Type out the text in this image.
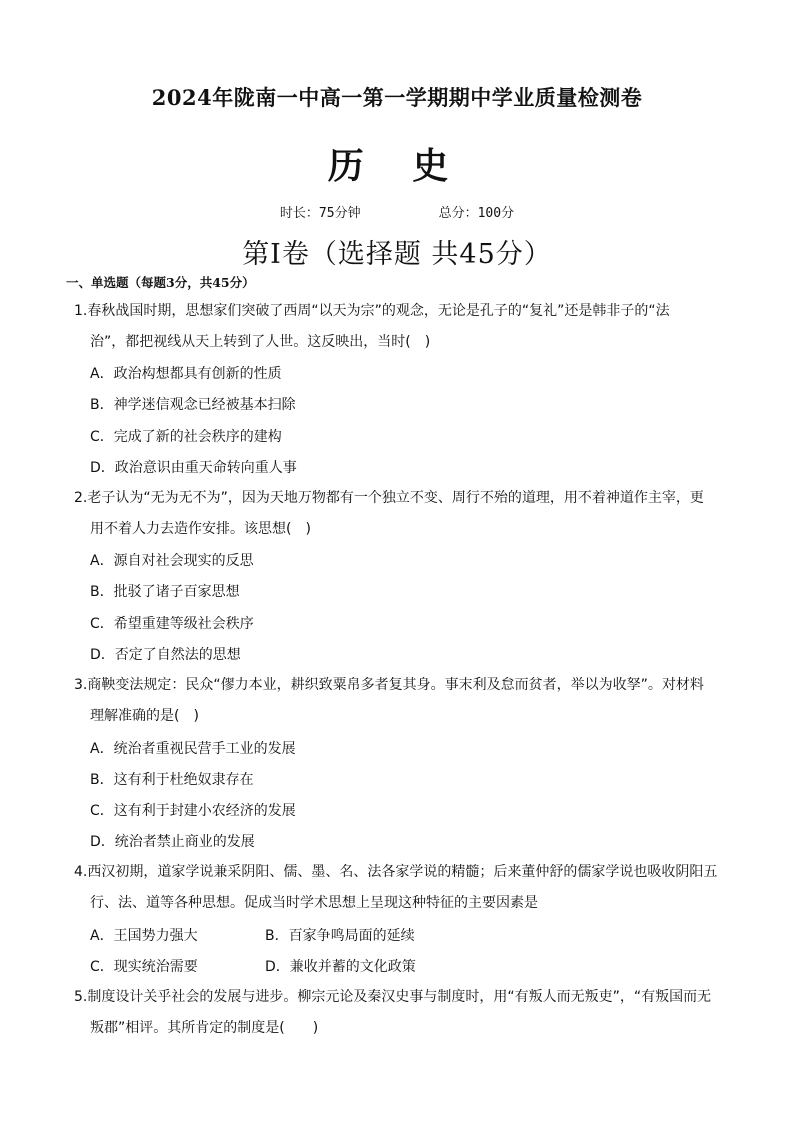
2024年陇南一中高一第一学期期中学业质量检测卷
历 史
时长：75分钟	总分：100分
第Ⅰ卷（选择题 共45分）
一、单选题（每题3分，共45分）
1.春秋战国时期，思想家们突破了西周“以天为宗”的观念，无论是孔子的“复礼”还是韩非子的“法
治”，都把视线从天上转到了人世。这反映出，当时(　)
A．政治构想都具有创新的性质
B．神学迷信观念已经被基本扫除
C．完成了新的社会秩序的建构
D．政治意识由重天命转向重人事
2.老子认为“无为无不为”，因为天地万物都有一个独立不变、周行不殆的道理，用不着神道作主宰，更
用不着人力去造作安排。该思想(　)
A．源自对社会现实的反思
B．批驳了诸子百家思想
C．希望重建等级社会秩序
D．否定了自然法的思想
3.商鞅变法规定：民众“僇力本业，耕织致粟帛多者复其身。事末利及怠而贫者，举以为收孥”。对材料
理解准确的是(　)
A．统治者重视民营手工业的发展
B．这有利于杜绝奴隶存在
C．这有利于封建小农经济的发展
D．统治者禁止商业的发展
4.西汉初期，道家学说兼采阴阳、儒、墨、名、法各家学说的精髓；后来董仲舒的儒家学说也吸收阴阳五
行、法、道等各种思想。促成当时学术思想上呈现这种特征的主要因素是
A．王国势力强大	B．百家争鸣局面的延续
C．现实统治需要	D．兼收并蓄的文化政策
5.制度设计关乎社会的发展与进步。柳宗元论及秦汉史事与制度时，用“有叛人而无叛吏”，“有叛国而无
叛郡”相评。其所肯定的制度是(　　)
